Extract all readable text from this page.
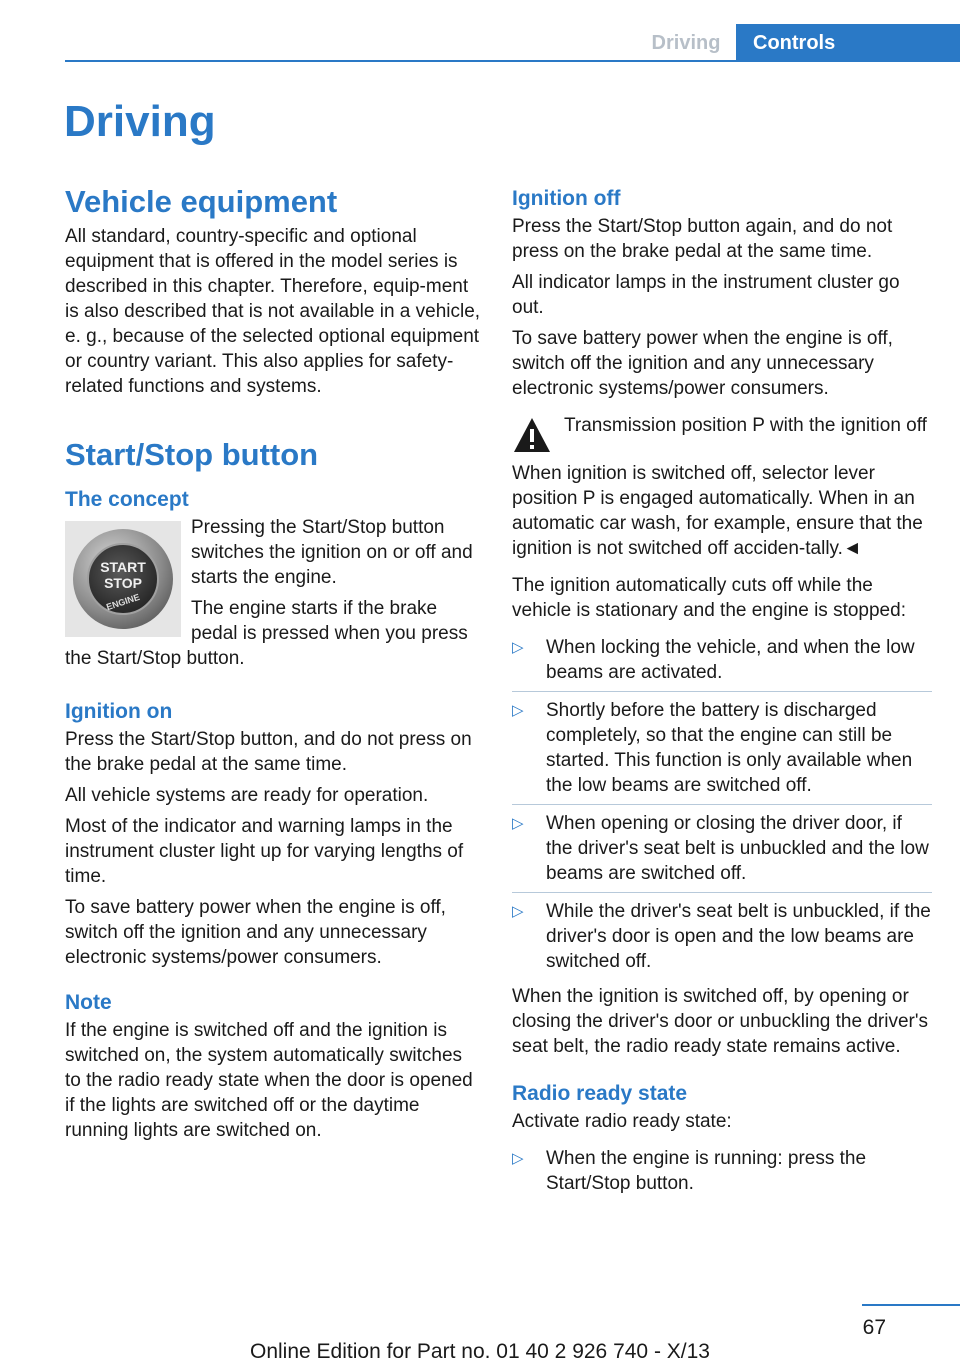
Driving	Controls
Driving
Vehicle equipment

All standard, country-specific and optional equipment that is offered in the model series is described in this chapter. Therefore, equip‐ment is also described that is not available in a vehicle, e. g., because of the selected optional equipment or country variant. This also applies for safety-related functions and systems.

Start/Stop button
The concept
START
STOP
ENGINE

Pressing the Start/Stop button switches the ignition on or off and starts the engine.

The engine starts if the brake pedal is pressed when you press the Start/Stop button.

Ignition on

Press the Start/Stop button, and do not press on the brake pedal at the same time.

All vehicle systems are ready for operation.

Most of the indicator and warning lamps in the instrument cluster light up for varying lengths of time.

To save battery power when the engine is off, switch off the ignition and any unnecessary electronic systems/power consumers.

Note

If the engine is switched off and the ignition is switched on, the system automatically switches to the radio ready state when the door is opened if the lights are switched off or the daytime running lights are switched on.

Ignition off

Press the Start/Stop button again, and do not press on the brake pedal at the same time.

All indicator lamps in the instrument cluster go out.

To save battery power when the engine is off, switch off the ignition and any unnecessary electronic systems/power consumers.

Transmission position P with the ignition off

When ignition is switched off, selector lever position P is engaged automatically. When in an automatic car wash, for example, ensure that the ignition is not switched off acciden‐tally.◄

The ignition automatically cuts off while the vehicle is stationary and the engine is stopped:

▷ When locking the vehicle, and when the low beams are activated.
▷ Shortly before the battery is discharged completely, so that the engine can still be started. This function is only available when the low beams are switched off.
▷ When opening or closing the driver door, if the driver's seat belt is unbuckled and the low beams are switched off.
▷ While the driver's seat belt is unbuckled, if the driver's door is open and the low beams are switched off.

When the ignition is switched off, by opening or closing the driver's door or unbuckling the driver's seat belt, the radio ready state remains active.

Radio ready state

Activate radio ready state:

▷ When the engine is running: press the Start/Stop button.
67
Online Edition for Part no. 01 40 2 926 740 - X/13
